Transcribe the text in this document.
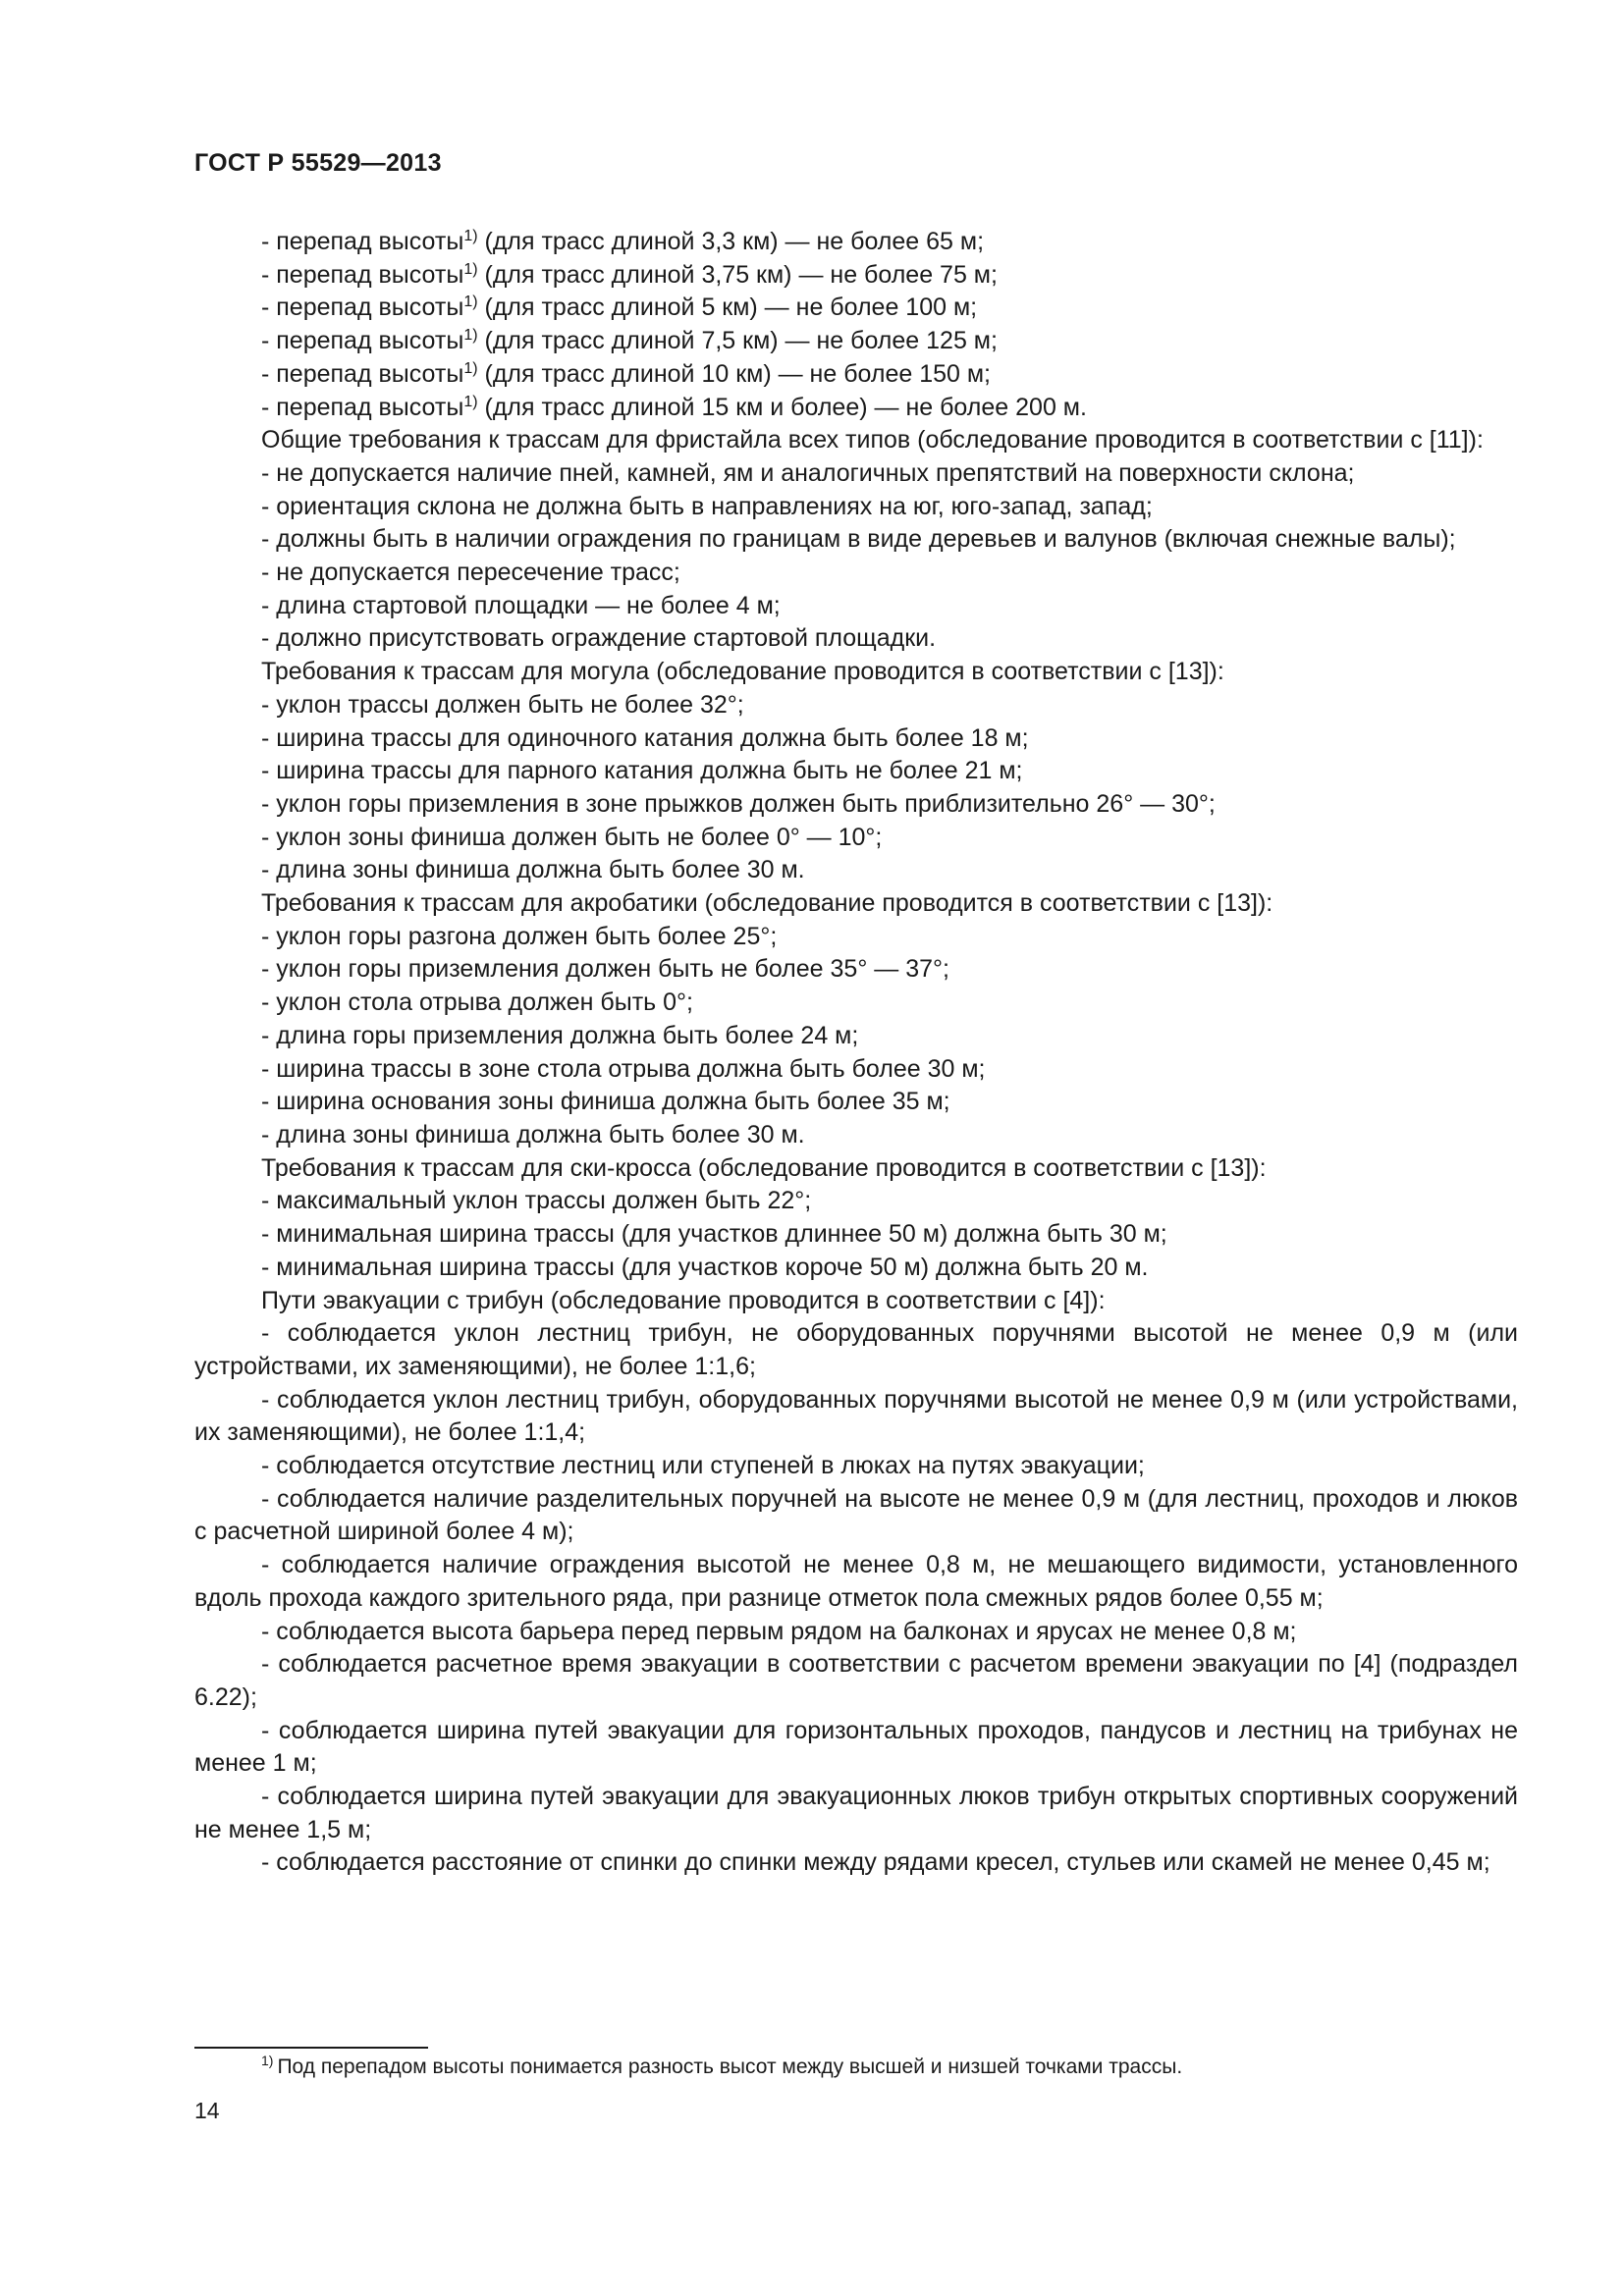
ГОСТ Р 55529—2013

- перепад высоты$^{1)}$ (для трасс длиной 3,3 км) — не более 65 м;

- перепад высоты$^{1)}$ (для трасс длиной 3,75 км) — не более 75 м;

- перепад высоты$^{1)}$ (для трасс длиной 5 км) — не более 100 м;

- перепад высоты$^{1)}$ (для трасс длиной 7,5 км) — не более 125 м;

- перепад высоты$^{1)}$ (для трасс длиной 10 км) — не более 150 м;

- перепад высоты$^{1)}$ (для трасс длиной 15 км и более) — не более 200 м.

Общие требования к трассам для фристайла всех типов (обследование проводится в соответствии с [11]):

- не допускается наличие пней, камней, ям и аналогичных препятствий на поверхности склона;

- ориентация склона не должна быть в направлениях на юг, юго-запад, запад;

- должны быть в наличии ограждения по границам в виде деревьев и валунов (включая снежные валы);

- не допускается пересечение трасс;

- длина стартовой площадки — не более 4 м;

- должно присутствовать ограждение стартовой площадки.

Требования к трассам для могула (обследование проводится в соответствии с [13]):

- уклон трассы должен быть не более 32°;

- ширина трассы для одиночного катания должна быть более 18 м;

- ширина трассы для парного катания должна быть не более 21 м;

- уклон горы приземления в зоне прыжков должен быть приблизительно 26° — 30°;

- уклон зоны финиша должен быть не более 0° — 10°;

- длина зоны финиша должна быть более 30 м.

Требования к трассам для акробатики (обследование проводится в соответствии с [13]):

- уклон горы разгона должен быть более 25°;

- уклон горы приземления должен быть не более 35° — 37°;

- уклон стола отрыва должен быть 0°;

- длина горы приземления должна быть более 24 м;

- ширина трассы в зоне стола отрыва должна быть более 30 м;

- ширина основания зоны финиша должна быть более 35 м;

- длина зоны финиша должна быть более 30 м.

Требования к трассам для ски-кросса (обследование проводится в соответствии с [13]):

- максимальный уклон трассы должен быть 22°;

- минимальная ширина трассы (для участков длиннее 50 м) должна быть 30 м;

- минимальная ширина трассы (для участков короче 50 м) должна быть 20 м.

Пути эвакуации с трибун (обследование проводится в соответствии с [4]):

- соблюдается уклон лестниц трибун, не оборудованных поручнями высотой не менее 0,9 м (или устройствами, их заменяющими), не более 1:1,6;

- соблюдается уклон лестниц трибун, оборудованных поручнями высотой не менее 0,9 м (или устройствами, их заменяющими), не более 1:1,4;

- соблюдается отсутствие лестниц или ступеней в люках на путях эвакуации;

- соблюдается наличие разделительных поручней на высоте не менее 0,9 м (для лестниц, проходов и люков с расчетной шириной более 4 м);

- соблюдается наличие ограждения высотой не менее 0,8 м, не мешающего видимости, установленного вдоль прохода каждого зрительного ряда, при разнице отметок пола смежных рядов более 0,55 м;

- соблюдается высота барьера перед первым рядом на балконах и ярусах не менее 0,8 м;

- соблюдается расчетное время эвакуации в соответствии с расчетом времени эвакуации по [4] (подраздел 6.22);

- соблюдается ширина путей эвакуации для горизонтальных проходов, пандусов и лестниц на трибунах не менее 1 м;

- соблюдается ширина путей эвакуации для эвакуационных люков трибун открытых спортивных сооружений не менее 1,5 м;

- соблюдается расстояние от спинки до спинки между рядами кресел, стульев или скамей не менее 0,45 м;

$^{1)}$ Под перепадом высоты понимается разность высот между высшей и низшей точками трассы.
14
